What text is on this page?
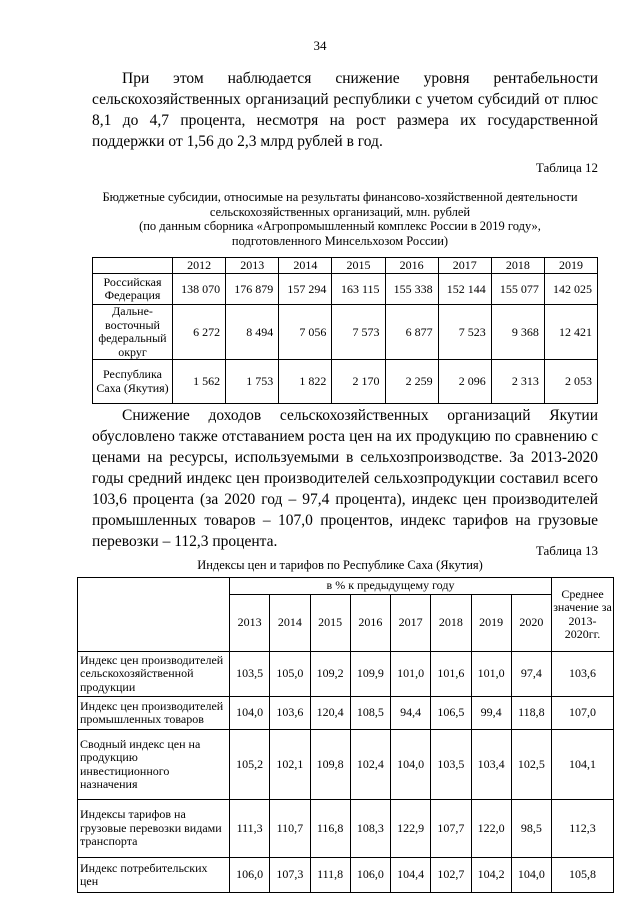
34

При этом наблюдается снижение уровня рентабельности сельскохозяйственных организаций республики с учетом субсидий от плюс 8,1 до 4,7 процента, несмотря на рост размера их государственной поддержки от 1,56 до 2,3 млрд рублей в год.

Таблица 12
Бюджетные субсидии, относимые на результаты финансово-хозяйственной деятельности
сельскохозяйственных организаций, млн. рублей
(по данным сборника «Агропромышленный комплекс России в 2019 году»,
подготовленного Минсельхозом России)
	2012	2013	2014	2015	2016	2017	2018	2019
Российская Федерация	138 070	176 879	157 294	163 115	155 338	152 144	155 077	142 025
Дальне-восточный федеральный округ	6 272	8 494	7 056	7 573	6 877	7 523	9 368	12 421
Республика Саха (Якутия)	1 562	1 753	1 822	2 170	2 259	2 096	2 313	2 053

Снижение доходов сельскохозяйственных организаций Якутии обусловлено также отставанием роста цен на их продукцию по сравнению с ценами на ресурсы, используемыми в сельхозпроизводстве. За 2013-2020 годы средний индекс цен производителей сельхозпродукции составил всего 103,6 процента (за 2020 год – 97,4 процента), индекс цен производителей промышленных товаров – 107,0 процентов, индекс тарифов на грузовые перевозки – 112,3 процента.

Таблица 13
Индексы цен и тарифов по Республике Саха (Якутия)
	в % к предыдущему году								Среднее значение за 2013-2020гг.
	2013	2014	2015	2016	2017	2018	2019	2020	
Индекс цен производителей сельскохозяйственной продукции	103,5	105,0	109,2	109,9	101,0	101,6	101,0	97,4	103,6
Индекс цен производителей промышленных товаров	104,0	103,6	120,4	108,5	94,4	106,5	99,4	118,8	107,0
Сводный индекс цен на продукцию инвестиционного назначения	105,2	102,1	109,8	102,4	104,0	103,5	103,4	102,5	104,1
Индексы тарифов на грузовые перевозки видами транспорта	111,3	110,7	116,8	108,3	122,9	107,7	122,0	98,5	112,3
Индекс потребительских цен	106,0	107,3	111,8	106,0	104,4	102,7	104,2	104,0	105,8
